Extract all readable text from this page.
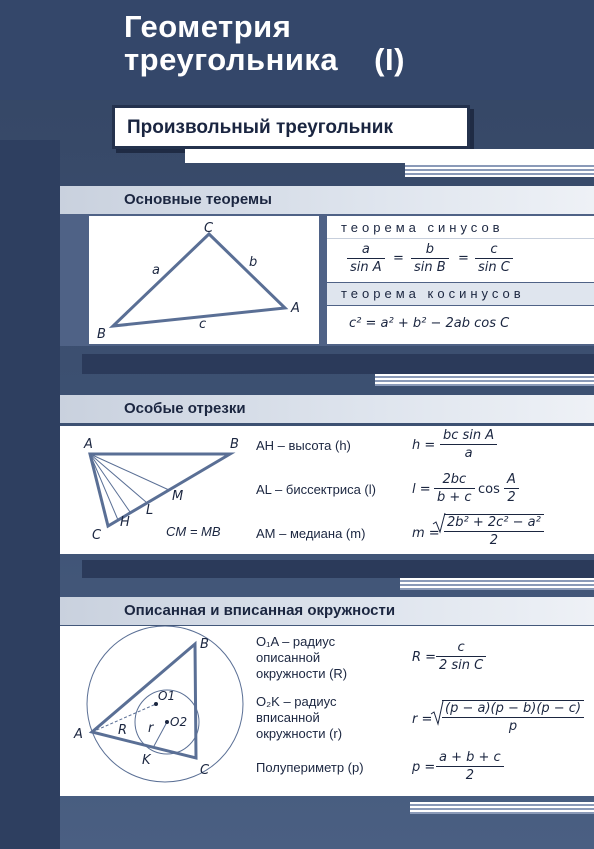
Геометрия
треугольника (I)
Произвольный треугольник
Основные теоремы
C
B
A
a
b
c
теорема синусов
$\frac{a}{\text{sin A}} = \frac{b}{\text{sin B}} = \frac{c}{\text{sin C}}$
теорема косинусов
c² = a² + b² − 2ab cos C
Особые отрезки
A	B
C
H
L
M
CM = MB
AH – высота (h)
AL – биссектриса (l)
AM – медиана (m)
$h = \frac{\text{bc sin A}}{a}$
$l = \frac{2bc}{b + c}$ $\cos \frac{A}{2}$
$m = \frac{\text{2b² + 2c² − a²}}{2}$
Описанная и вписанная окружности
B
A
C
K
R r
O1
O2
O₁A – радиус
описанной
окружности (R)
O₂K – радиус
вписанной
окружности (r)
Полупериметр (p)
$R = \frac{c}{\text{2 sin C}}$
$r = \frac{(p - a)(p - b)(p - c)}{p}$
$p = \frac{a + b + c}{2}$
